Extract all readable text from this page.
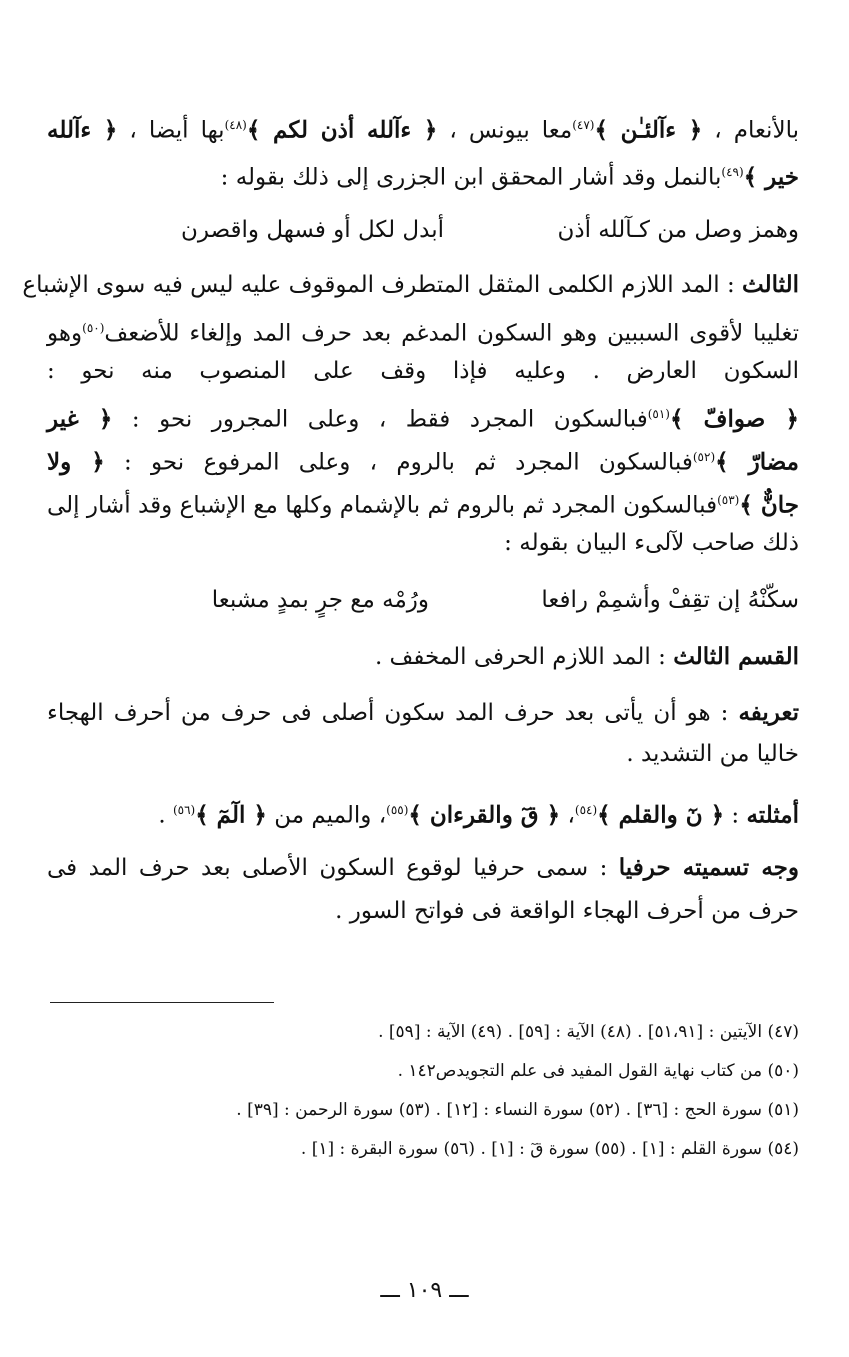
بالأنعام ، ﴿ ءآلئـٰن ﴾$^{(٤٧)}$معا بيونس ، ﴿ ءآلله أذن لكم ﴾$^{(٤٨)}$بها أيضا ، ﴿ ءآلله
خير ﴾$^{(٤٩)}$بالنمل وقد أشار المحقق ابن الجزرى إلى ذلك بقوله :
وهمز وصل من كـآلله أذن
أبدل لكل أو فسهل واقصرن
الثالث : المد اللازم الكلمى المثقل المتطرف الموقوف عليه ليس فيه سوى الإشباع
تغليبا لأقوى السببين وهو السكون المدغم بعد حرف المد وإلغاء للأضعف$^{(٥٠)}$وهو
السكون العارض . وعليه فإذا وقف على المنصوب منه نحو :
﴿ صوافّ ﴾$^{(٥١)}$فبالسكون المجرد فقط ، وعلى المجرور نحو : ﴿ غير
مضارّ ﴾$^{(٥٢)}$فبالسكون المجرد ثم بالروم ، وعلى المرفوع نحو : ﴿ ولا
جانٌّ ﴾$^{(٥٣)}$فبالسكون المجرد ثم بالروم ثم بالإشمام وكلها مع الإشباع وقد أشار إلى
ذلك صاحب لآلىء البيان بقوله :
سكّنْهُ إن تقِفْ وأشمِمْ رافعا
ورُمْه مع جرٍ بمدٍ مشبعا
القسم الثالث : المد اللازم الحرفى المخفف .
تعريفه : هو أن يأتى بعد حرف المد سكون أصلى فى حرف من أحرف الهجاء
خاليا من التشديد .
أمثلته : ﴿ نٓ والقلم ﴾$^{(٥٤)}$، ﴿ قٓ والقرءان ﴾$^{(٥٥)}$، والميم من ﴿ الٓمٓ ﴾$^{(٥٦)}$ .
وجه تسميته حرفيا : سمى حرفيا لوقوع السكون الأصلى بعد حرف المد فى
حرف من أحرف الهجاء الواقعة فى فواتح السور .
(٤٧) الآيتين : [٥١،٩١] . (٤٨) الآية : [٥٩] . (٤٩) الآية : [٥٩] .
(٥٠) من كتاب نهاية القول المفيد فى علم التجويدص١٤٢ .
(٥١) سورة الحج : [٣٦] . (٥٢) سورة النساء : [١٢] . (٥٣) سورة الرحمن : [٣٩] .
(٥٤) سورة القلم : [١] . (٥٥) سورة قٓ : [١] . (٥٦) سورة البقرة : [١] .
ـــ ١٠٩ ـــ
